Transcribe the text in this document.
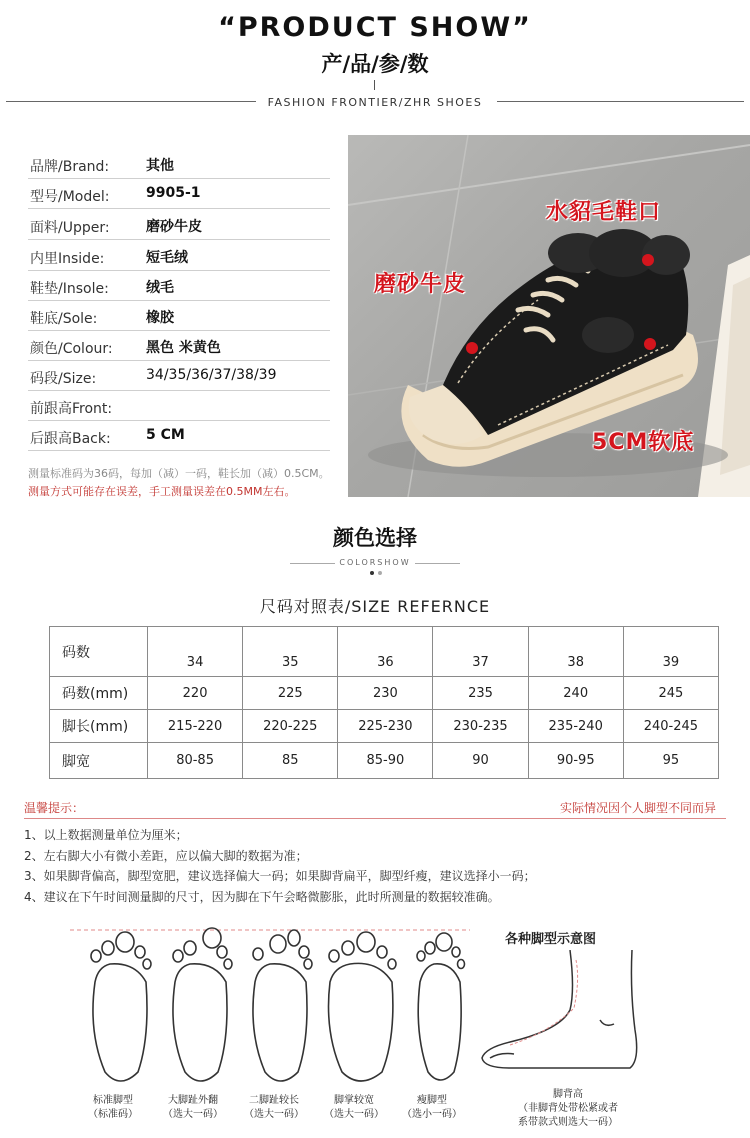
“PRODUCT SHOW”
产/品/参/数
FASHION FRONTIER/ZHR SHOES
品牌/Brand:	其他
型号/Model:	9905-1
面料/Upper:	磨砂牛皮
内里Inside:	短毛绒
鞋垫/Insole:	绒毛
鞋底/Sole:	橡胶
颜色/Colour: 黑色 米黄色
码段/Size:	34/35/36/37/38/39
前跟高Front:
后跟高Back:	5 CM
测量标准码为36码，每加（减）一码，鞋长加（减）0.5CM。
测量方式可能存在误差，手工测量误差在0.5MM左右。
水貂毛鞋口
磨砂牛皮
5CM软底
颜色选择
COLORSHOW
尺码对照表/SIZE REFERNCE
码数	34	35	36	37	38	39
码数(mm)	220	225	230	235	240	245
脚长(mm)	215-220	220-225	225-230	230-235	235-240	240-245
脚宽	80-85	85	85-90	90	90-95	95
温馨提示：	实际情况因个人脚型不同而异
1、以上数据测量单位为厘米；
2、左右脚大小有微小差距，应以偏大脚的数据为准；
3、如果脚背偏高，脚型宽肥，建议选择偏大一码；如果脚背扁平，脚型纤瘦，建议选择小一码；
4、建议在下午时间测量脚的尺寸，因为脚在下午会略微膨胀，此时所测量的数据较准确。
各种脚型示意图
标准脚型
（标准码）
大脚趾外翻
（选大一码）
二脚趾较长
（选大一码）
脚掌较宽
（选大一码）
瘦脚型
（选小一码）
脚背高
（非脚背处带松紧或者
系带款式则选大一码）
